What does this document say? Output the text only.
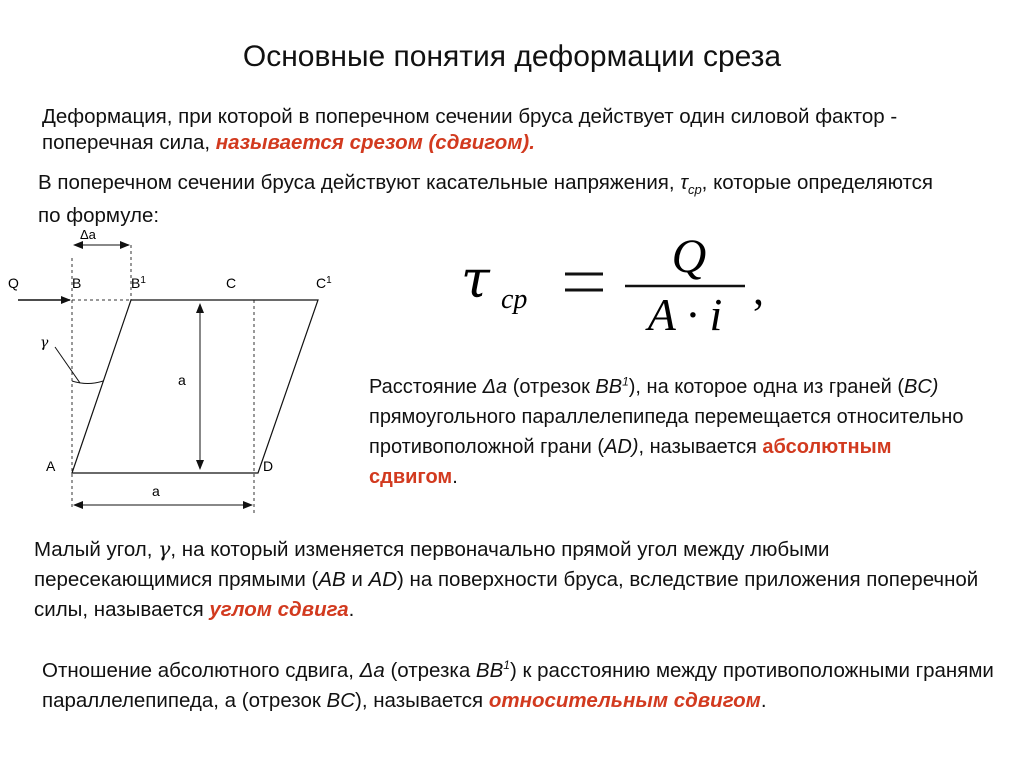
Основные понятия деформации среза
Деформация, при которой в поперечном сечении бруса действует один силовой фактор - поперечная сила, называется срезом (сдвигом).
В поперечном сечении бруса действуют касательные напряжения, $\tau_{ср}$, которые определяются по формуле:
Δa
Q	B	$B^1$	C	$C^1$
γ
a
A	D
a
τ cp
Q
A · i ,
Расстояние Δa (отрезок $BB^1$), на которое одна из граней (BC) прямоугольного параллелепипеда перемещается относительно противоположной грани (AD), называется абсолютным сдвигом.
Малый угол, γ, на который изменяется первоначально прямой угол между любыми пересекающимися прямыми (AB и AD) на поверхности бруса, вследствие приложения поперечной силы, называется углом сдвига.
Отношение абсолютного сдвига, Δa (отрезка $BB^1$) к расстоянию между противоположными гранями параллелепипеда, а (отрезок BC), называется относительным сдвигом.
